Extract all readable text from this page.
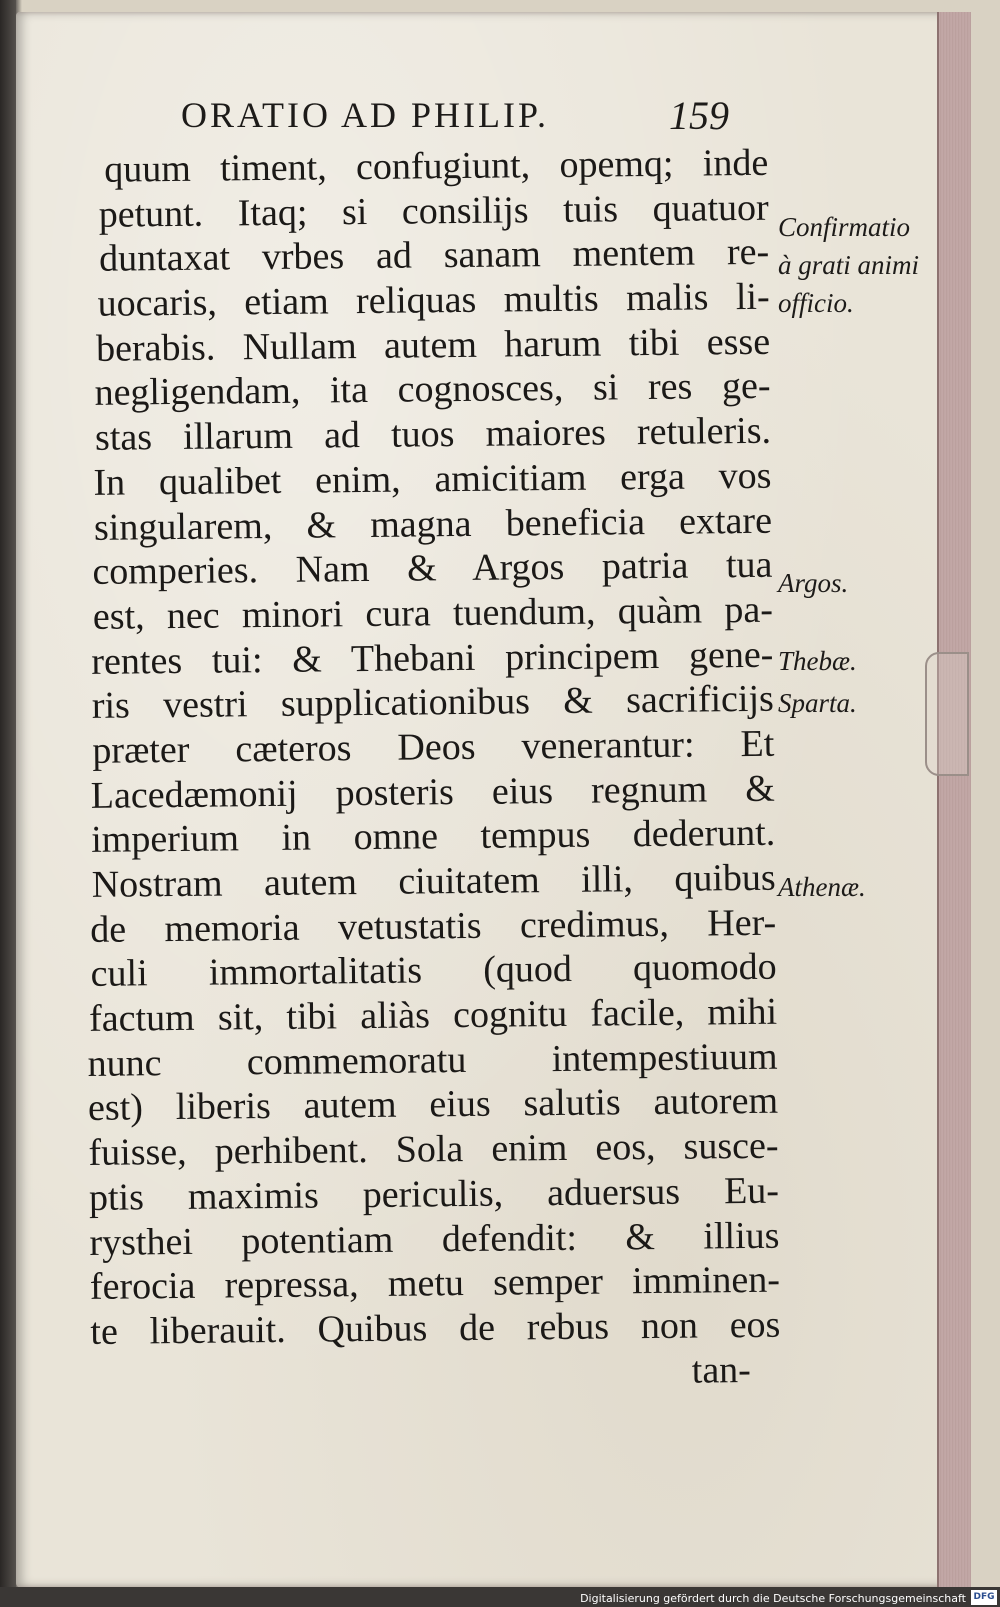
ORATIO AD PHILIP.	159
quum timent, confugiunt, opemq; inde
petunt. Itaq; si consilijs tuis quatuor
duntaxat vrbes ad sanam mentem re-
uocaris, etiam reliquas multis malis li-
berabis. Nullam autem harum tibi esse
negligendam, ita cognosces, si res ge-
stas illarum ad tuos maiores retuleris.
In qualibet enim, amicitiam erga vos
singularem, & magna beneficia extare
comperies. Nam & Argos patria tua
est, nec minori cura tuendum, quàm pa-
rentes tui: & Thebani principem gene-
ris vestri supplicationibus & sacrificijs
præter cæteros Deos venerantur: Et
Lacedæmonij posteris eius regnum &
imperium in omne tempus dederunt.
Nostram autem ciuitatem illi, quibus
de memoria vetustatis credimus, Her-
culi immortalitatis (quod quomodo
factum sit, tibi aliàs cognitu facile, mihi
nunc commemoratu intempestiuum
est) liberis autem eius salutis autorem
fuisse, perhibent. Sola enim eos, susce-
ptis maximis periculis, aduersus Eu-
rysthei potentiam defendit: & illius
ferocia repressa, metu semper imminen-
te liberauit. Quibus de rebus non eos
tan-
Confirmatio
à grati animi
officio.
Argos.
Thebæ.
Sparta.
Athenæ.
Digitalisierung gefördert durch die Deutsche Forschungsgemeinschaft DFG
